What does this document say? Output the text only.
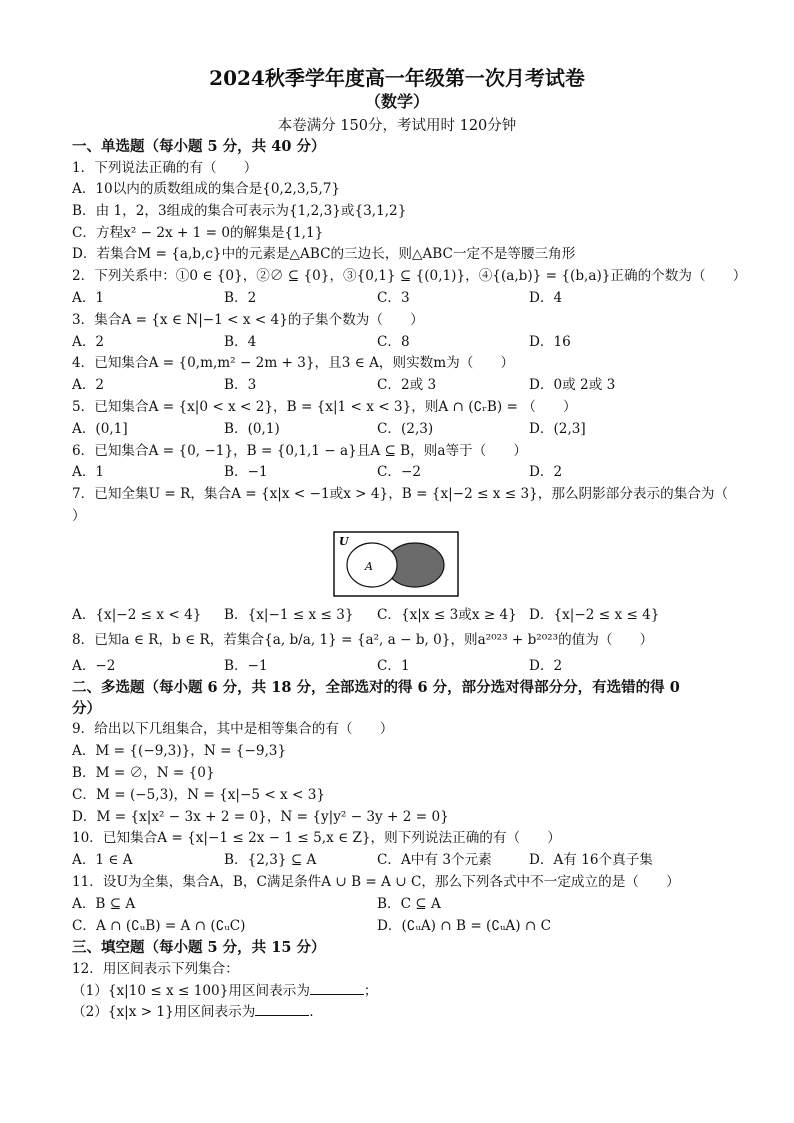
2024秋季学年度高一年级第一次月考试卷
（数学）
本卷满分 150分，考试用时 120分钟
一、单选题（每小题 5 分，共 40 分）
1．下列说法正确的有（　　）
A．10以内的质数组成的集合是{0,2,3,5,7}
B．由 1，2，3组成的集合可表示为{1,2,3}或{3,1,2}
C．方程x² − 2x + 1 = 0的解集是{1,1}
D．若集合M = {a,b,c}中的元素是△ABC的三边长，则△ABC一定不是等腰三角形
2．下列关系中：①0 ∈ {0}，②∅ ⊆ {0}，③{0,1} ⊆ {(0,1)}，④{(a,b)} = {(b,a)}正确的个数为（　　）
A．1	B．2	C．3	D．4
3．集合A = {x ∈ N|−1 < x < 4}的子集个数为（　　）
A．2	B．4	C．8	D．16
4．已知集合A = {0,m,m² − 2m + 3}，且3 ∈ A，则实数m为（　　）
A．2	B．3	C．2或 3	D．0或 2或 3
5．已知集合A = {x|0 < x < 2}，B = {x|1 < x < 3}，则A ∩ (∁ᵣB) = （　　）
A．(0,1]	B．(0,1)	C．(2,3)	D．(2,3]
6．已知集合A = {0, −1}，B = {0,1,1 − a}且A ⊆ B，则a等于（　　）
A．1	B．−1	C．−2	D．2
7．已知全集U = R，集合A = {x|x < −1或x > 4}，B = {x|−2 ≤ x ≤ 3}，那么阴影部分表示的集合为（
）
U
A
A．{x|−2 ≤ x < 4} B．{x|−1 ≤ x ≤ 3} C．{x|x ≤ 3或x ≥ 4} D．{x|−2 ≤ x ≤ 4}
8．已知a ∈ R，b ∈ R，若集合{a, b/a, 1} = {a², a − b, 0}，则a²⁰²³ + b²⁰²³的值为（　　）
A．−2	B．−1	C．1	D．2
二、多选题（每小题 6 分，共 18 分，全部选对的得 6 分，部分选对得部分分，有选错的得 0
分）
9．给出以下几组集合，其中是相等集合的有（　　）
A．M = {(−9,3)}，N = {−9,3}
B．M = ∅，N = {0}
C．M = (−5,3)，N = {x|−5 < x < 3}
D．M = {x|x² − 3x + 2 = 0}，N = {y|y² − 3y + 2 = 0}
10．已知集合A = {x|−1 ≤ 2x − 1 ≤ 5,x ∈ Z}，则下列说法正确的有（　　）
A．1 ∈ A	B．{2,3} ⊆ A	C．A中有 3个元素	D．A有 16个真子集
11．设U为全集，集合A，B，C满足条件A ∪ B = A ∪ C，那么下列各式中不一定成立的是（　　）
A．B ⊆ A	B．C ⊆ A
C．A ∩ (∁ᵤB) = A ∩ (∁ᵤC)	D．(∁ᵤA) ∩ B = (∁ᵤA) ∩ C
三、填空题（每小题 5 分，共 15 分）
12．用区间表示下列集合：
（1）{x|10 ≤ x ≤ 100}用区间表示为	；
（2）{x|x > 1}用区间表示为	.
